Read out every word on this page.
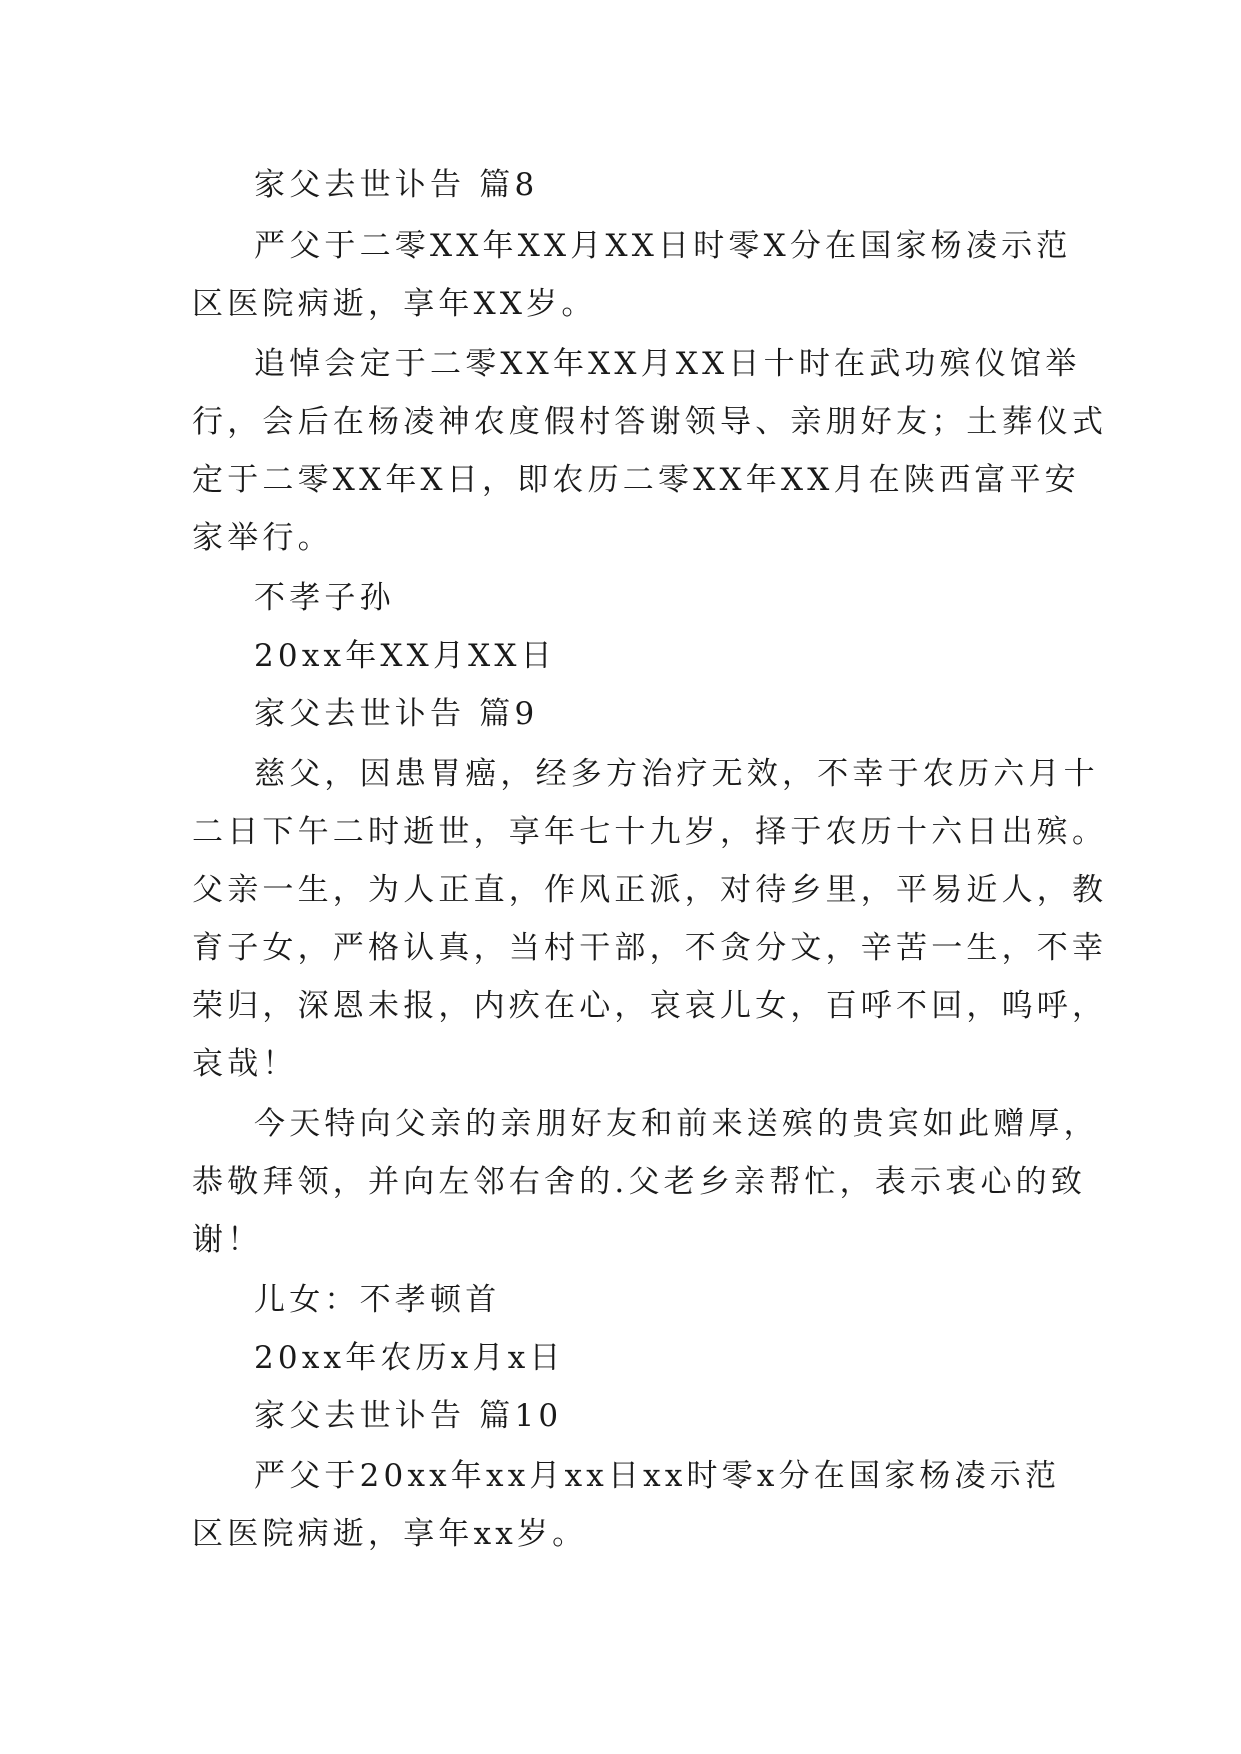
家父去世讣告 篇8
严父于二零XX年XX月XX日时零X分在国家杨凌示范
区医院病逝，享年XX岁。
追悼会定于二零XX年XX月XX日十时在武功殡仪馆举
行，会后在杨凌神农度假村答谢领导、亲朋好友；土葬仪式
定于二零XX年X日，即农历二零XX年XX月在陕西富平安
家举行。
不孝子孙
20xx年XX月XX日
家父去世讣告 篇9
慈父，因患胃癌，经多方治疗无效，不幸于农历六月十
二日下午二时逝世，享年七十九岁，择于农历十六日出殡。
父亲一生，为人正直，作风正派，对待乡里，平易近人，教
育子女，严格认真，当村干部，不贪分文，辛苦一生，不幸
荣归，深恩未报，内疚在心，哀哀儿女，百呼不回，呜呼，
哀哉！
今天特向父亲的亲朋好友和前来送殡的贵宾如此赠厚，
恭敬拜领，并向左邻右舍的.父老乡亲帮忙，表示衷心的致
谢！
儿女：不孝顿首
20xx年农历x月x日
家父去世讣告 篇10
严父于20xx年xx月xx日xx时零x分在国家杨凌示范
区医院病逝，享年xx岁。
